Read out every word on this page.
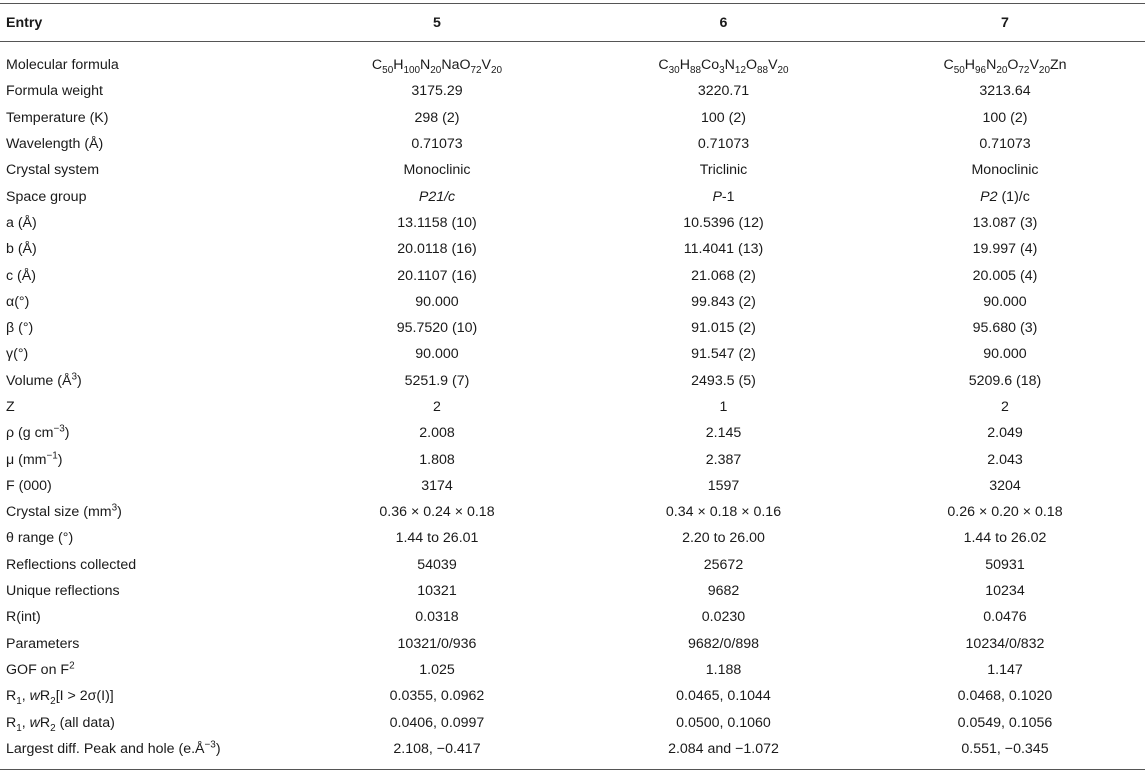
Entry	5	6	7
Molecular formula	$C_{50}H_{100}N_{20}NaO_{72}V_{20}$	$C_{30}H_{88}Co_3N_{12}O_{88}V_{20}$	$C_{50}H_{96}N_{20}O_{72}V_{20}Zn$
Formula weight	3175.29	3220.71	3213.64
Temperature (K)	298 (2)	100 (2)	100 (2)
Wavelength (Å)	0.71073	0.71073	0.71073
Crystal system	Monoclinic	Triclinic	Monoclinic
Space group	P21/c	P-1	P2 (1)/c
a (Å)	13.1158 (10)	10.5396 (12)	13.087 (3)
b (Å)	20.0118 (16)	11.4041 (13)	19.997 (4)
c (Å)	20.1107 (16)	21.068 (2)	20.005 (4)
α(°)	90.000	99.843 (2)	90.000
β (°)	95.7520 (10)	91.015 (2)	95.680 (3)
γ(°)	90.000	91.547 (2)	90.000
Volume $(Å^3)$	5251.9 (7)	2493.5 (5)	5209.6 (18)
Z	2	1	2
ρ (g $cm^{-3}$)	2.008	2.145	2.049
μ $(mm^{-1})$	1.808	2.387	2.043
F (000)	3174	1597	3204
Crystal size $(mm^3)$	0.36 × 0.24 × 0.18	0.34 × 0.18 × 0.16	0.26 × 0.20 × 0.18
θ range (°)	1.44 to 26.01	2.20 to 26.00	1.44 to 26.02
Reflections collected	54039	25672	50931
Unique reflections	10321	9682	10234
R(int)	0.0318	0.0230	0.0476
Parameters	10321/0/936	9682/0/898	10234/0/832
GOF on $F^2$	1.025	1.188	1.147
$R_1$, $wR_2[I > 2\sigma(I)]$	0.0355, 0.0962	0.0465, 0.1044	0.0468, 0.1020
$R_1$, $wR_2$ (all data)	0.0406, 0.0997	0.0500, 0.1060	0.0549, 0.1056
Largest diff. Peak and hole $(e.Å^{-3})$	2.108, −0.417	2.084 and −1.072	0.551, −0.345
